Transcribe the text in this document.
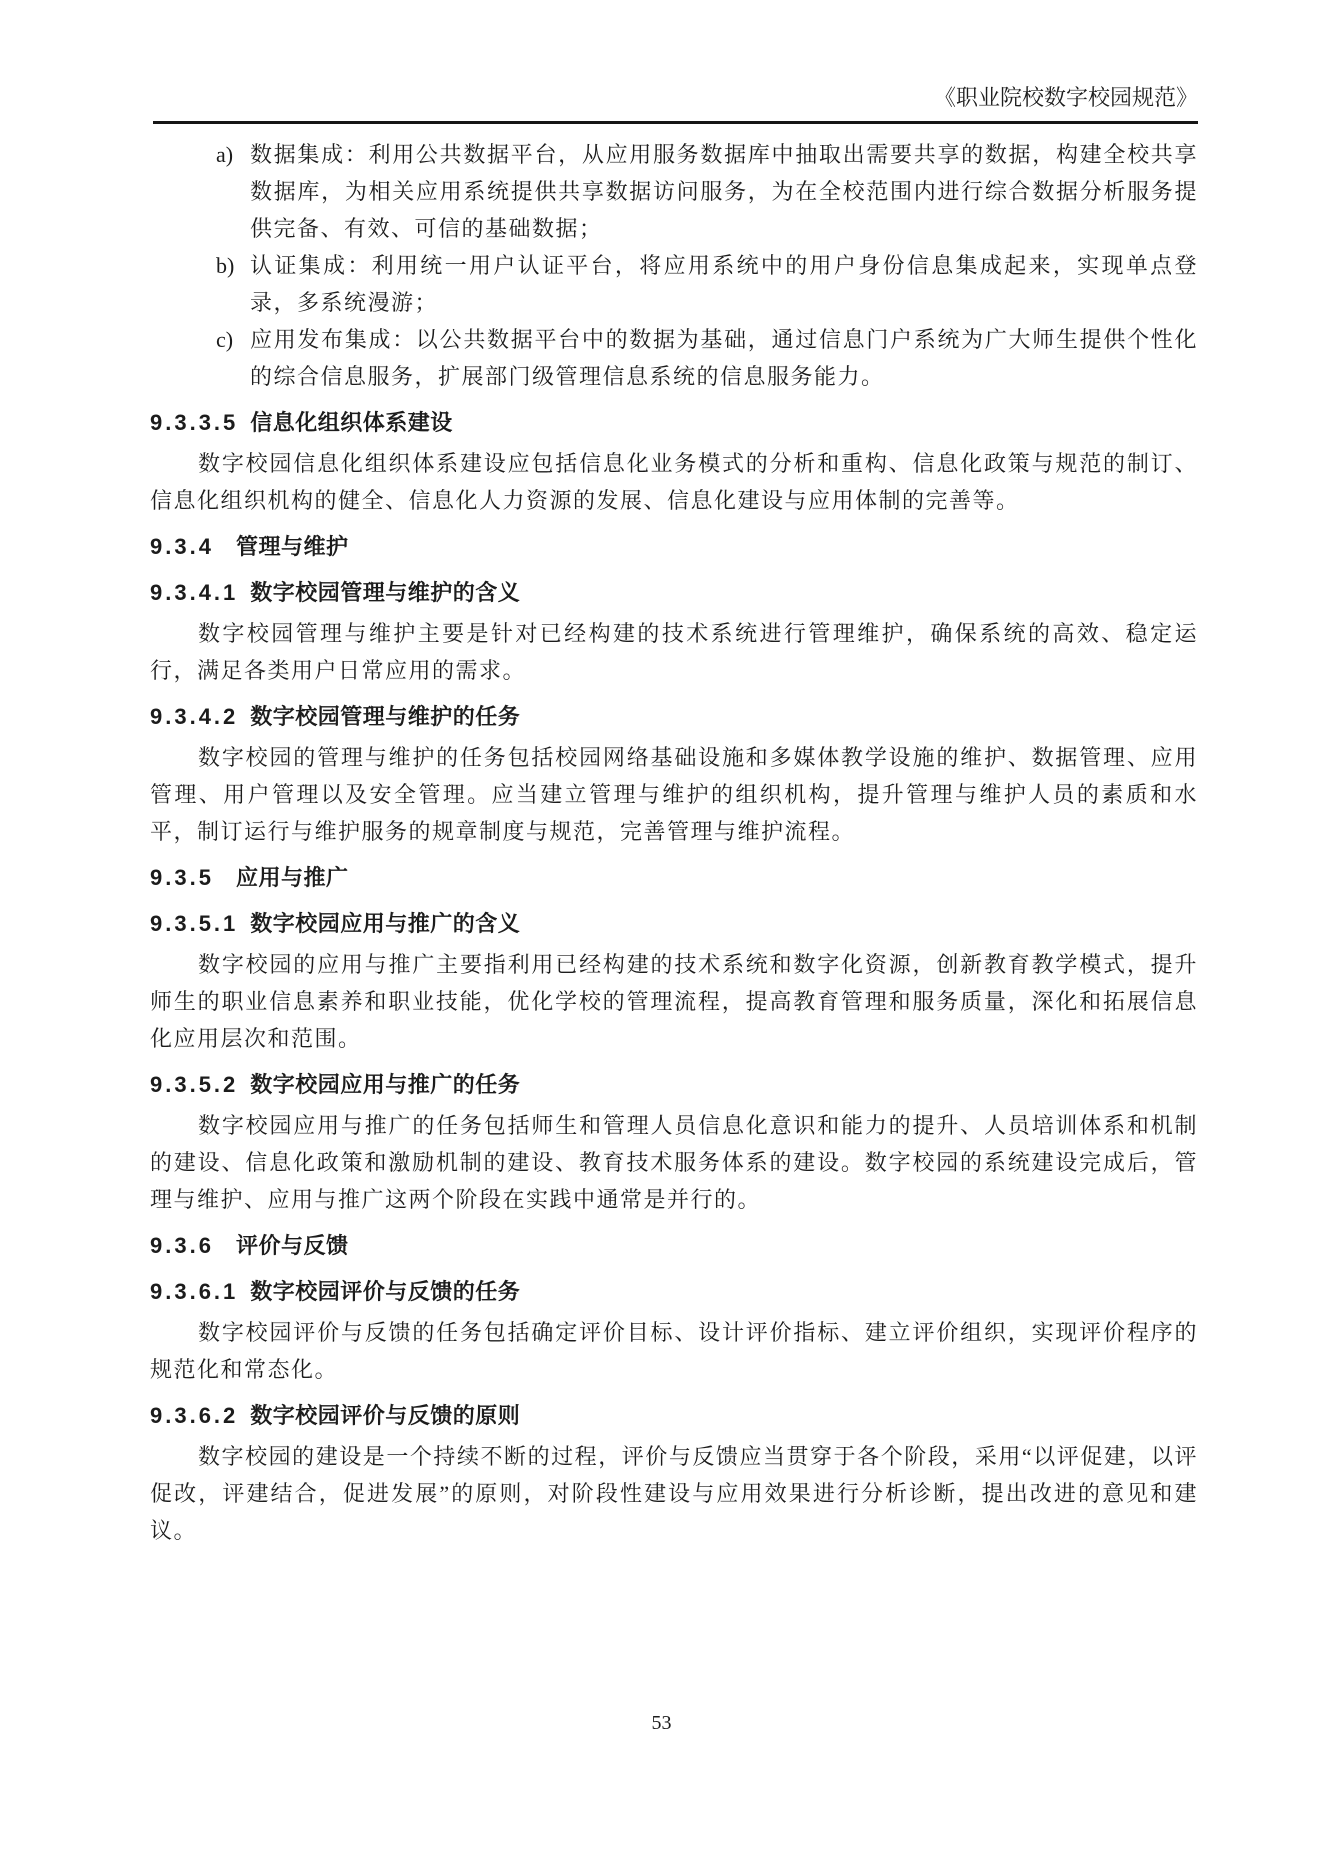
《职业院校数字校园规范》
a) 数据集成：利用公共数据平台，从应用服务数据库中抽取出需要共享的数据，构建全校共享数据库，为相关应用系统提供共享数据访问服务，为在全校范围内进行综合数据分析服务提供完备、有效、可信的基础数据；
b) 认证集成：利用统一用户认证平台，将应用系统中的用户身份信息集成起来，实现单点登录，多系统漫游；
c) 应用发布集成：以公共数据平台中的数据为基础，通过信息门户系统为广大师生提供个性化的综合信息服务，扩展部门级管理信息系统的信息服务能力。
9.3.3.5 信息化组织体系建设

数字校园信息化组织体系建设应包括信息化业务模式的分析和重构、信息化政策与规范的制订、信息化组织机构的健全、信息化人力资源的发展、信息化建设与应用体制的完善等。

9.3.4 管理与维护
9.3.4.1 数字校园管理与维护的含义

数字校园管理与维护主要是针对已经构建的技术系统进行管理维护，确保系统的高效、稳定运行，满足各类用户日常应用的需求。

9.3.4.2 数字校园管理与维护的任务

数字校园的管理与维护的任务包括校园网络基础设施和多媒体教学设施的维护、数据管理、应用管理、用户管理以及安全管理。应当建立管理与维护的组织机构，提升管理与维护人员的素质和水平，制订运行与维护服务的规章制度与规范，完善管理与维护流程。

9.3.5 应用与推广
9.3.5.1 数字校园应用与推广的含义

数字校园的应用与推广主要指利用已经构建的技术系统和数字化资源，创新教育教学模式，提升师生的职业信息素养和职业技能，优化学校的管理流程，提高教育管理和服务质量，深化和拓展信息化应用层次和范围。

9.3.5.2 数字校园应用与推广的任务

数字校园应用与推广的任务包括师生和管理人员信息化意识和能力的提升、人员培训体系和机制的建设、信息化政策和激励机制的建设、教育技术服务体系的建设。数字校园的系统建设完成后，管理与维护、应用与推广这两个阶段在实践中通常是并行的。

9.3.6 评价与反馈
9.3.6.1 数字校园评价与反馈的任务

数字校园评价与反馈的任务包括确定评价目标、设计评价指标、建立评价组织，实现评价程序的规范化和常态化。

9.3.6.2 数字校园评价与反馈的原则

数字校园的建设是一个持续不断的过程，评价与反馈应当贯穿于各个阶段，采用“以评促建，以评促改，评建结合，促进发展”的原则，对阶段性建设与应用效果进行分析诊断，提出改进的意见和建议。

53
